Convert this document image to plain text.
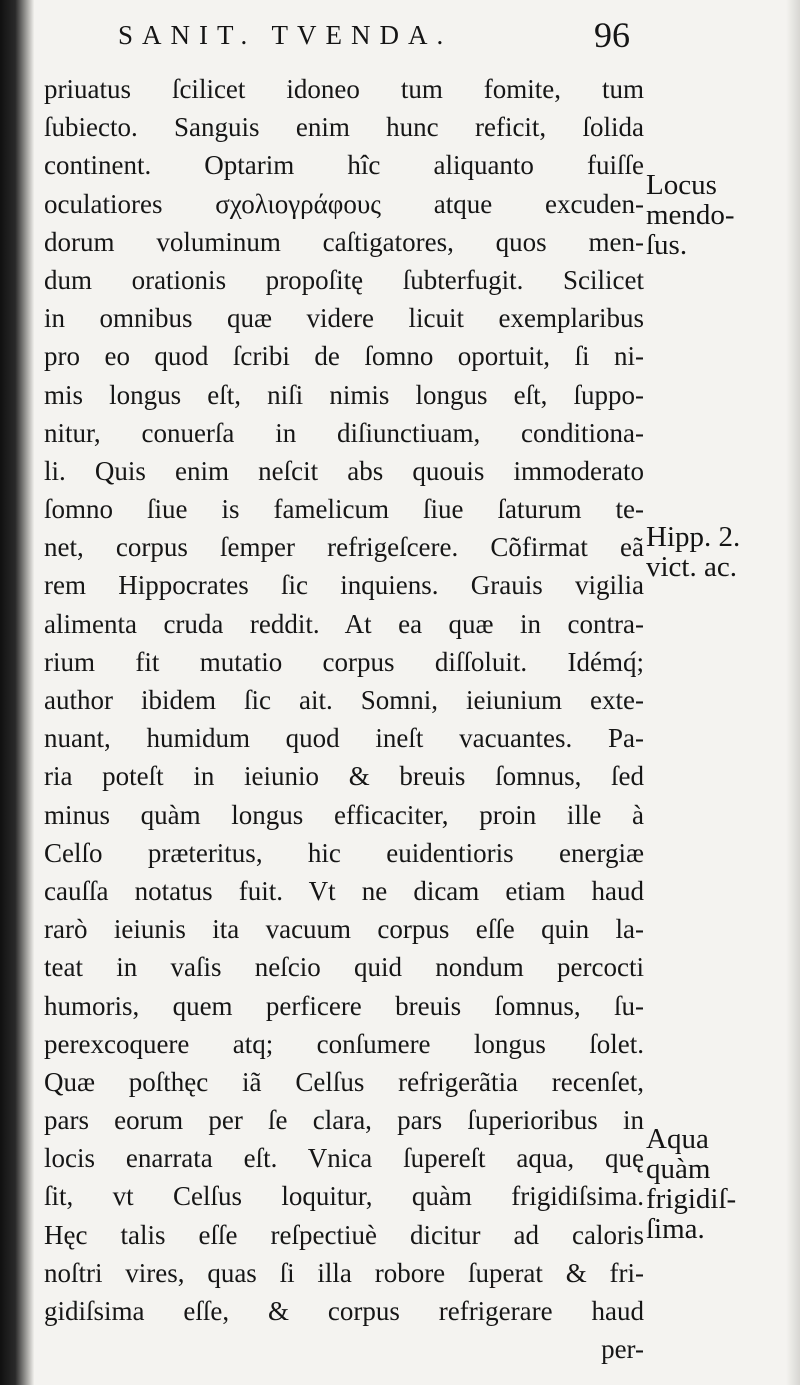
SANIT. TVENDA.	96
priuatus ſcilicet idoneo tum fomite, tum
ſubiecto. Sanguis enim hunc reficit, ſolida
continent. Optarim hîc aliquanto fuiſſe
oculatiores σχολιογράφους atque excuden-
dorum voluminum caſtigatores, quos men-
dum orationis propoſitę ſubterfugit. Scilicet
in omnibus quæ videre licuit exemplaribus
pro eo quod ſcribi de ſomno oportuit, ſi ni-
mis longus eſt, niſi nimis longus eſt, ſuppo-
nitur, conuerſa in diſiunctiuam, conditiona-
li. Quis enim neſcit abs quouis immoderato
ſomno ſiue is famelicum ſiue ſaturum te-
net, corpus ſemper refrigeſcere. Cõfirmat eã
rem Hippocrates ſic inquiens. Grauis vigilia
alimenta cruda reddit. At ea quæ in contra-
rium fit mutatio corpus diſſoluit. Idémq́;
author ibidem ſic ait. Somni, ieiunium exte-
nuant, humidum quod ineſt vacuantes. Pa-
ria poteſt in ieiunio & breuis ſomnus, ſed
minus quàm longus efficaciter, proin ille à
Celſo præteritus, hic euidentioris energiæ
cauſſa notatus fuit. Vt ne dicam etiam haud
rarò ieiunis ita vacuum corpus eſſe quin la-
teat in vaſis neſcio quid nondum percocti
humoris, quem perficere breuis ſomnus, ſu-
perexcoquere atq; conſumere longus ſolet.
Quæ poſthęc iã Celſus refrigerãtia recenſet,
pars eorum per ſe clara, pars ſuperioribus in
locis enarrata eſt. Vnica ſupereſt aqua, quę
ſit, vt Celſus loquitur, quàm frigidiſsima.
Hęc talis eſſe reſpectiuè dicitur ad caloris
noſtri vires, quas ſi illa robore ſuperat & fri-
gidiſsima eſſe, & corpus refrigerare haud
per-
Locus
mendo-
ſus.
Hipp. 2.
vict. ac.
Aqua
quàm
frigidiſ-
ſima.
